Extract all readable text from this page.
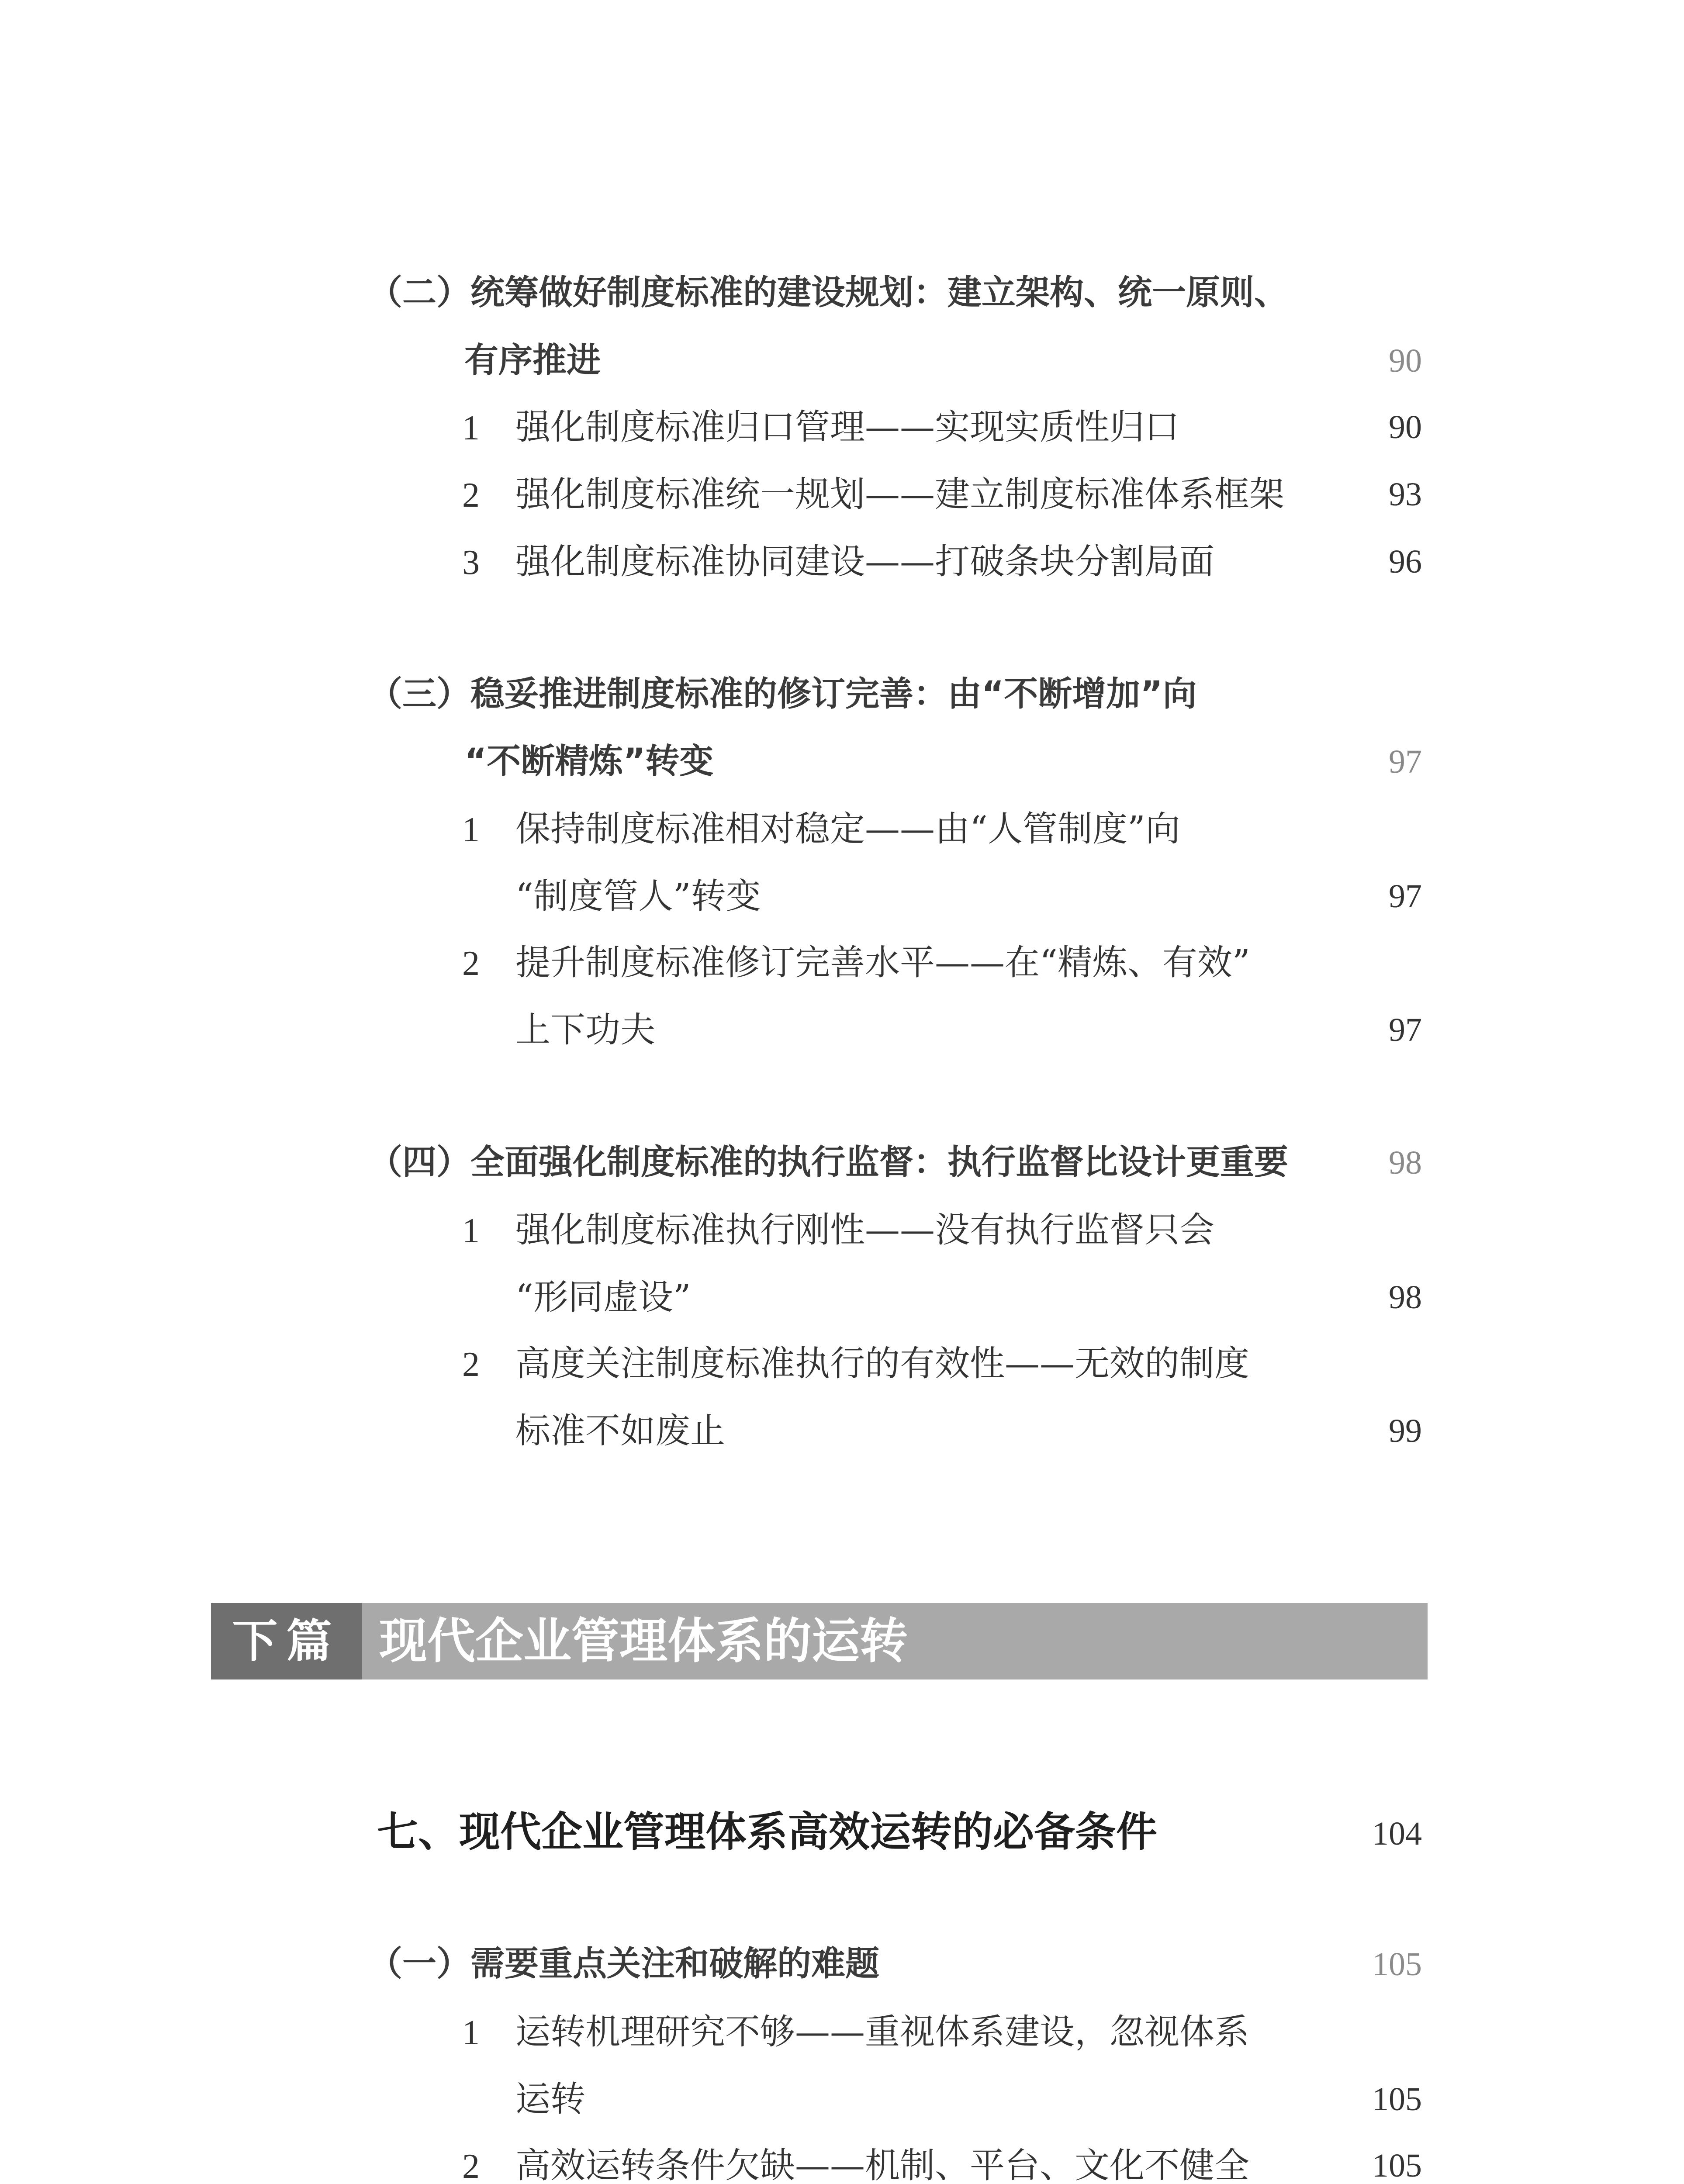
（二）统筹做好制度标准的建设规划：建立架构、统一原则、
有序推进	90
1 强化制度标准归口管理——实现实质性归口	90
2 强化制度标准统一规划——建立制度标准体系框架	93
3 强化制度标准协同建设——打破条块分割局面	96
（三）稳妥推进制度标准的修订完善：由“不断增加”向
“不断精炼”转变	97
1 保持制度标准相对稳定——由“人管制度”向
“制度管人”转变	97
2 提升制度标准修订完善水平——在“精炼、有效”
上下功夫	97
（四）全面强化制度标准的执行监督：执行监督比设计更重要	98
1 强化制度标准执行刚性——没有执行监督只会
“形同虚设”	98
2 高度关注制度标准执行的有效性——无效的制度
标准不如废止	99
下篇 现代企业管理体系的运转
七、现代企业管理体系高效运转的必备条件	104
（一）需要重点关注和破解的难题	105
1 运转机理研究不够——重视体系建设，忽视体系
运转	105
2 高效运转条件欠缺——机制、平台、文化不健全	105
